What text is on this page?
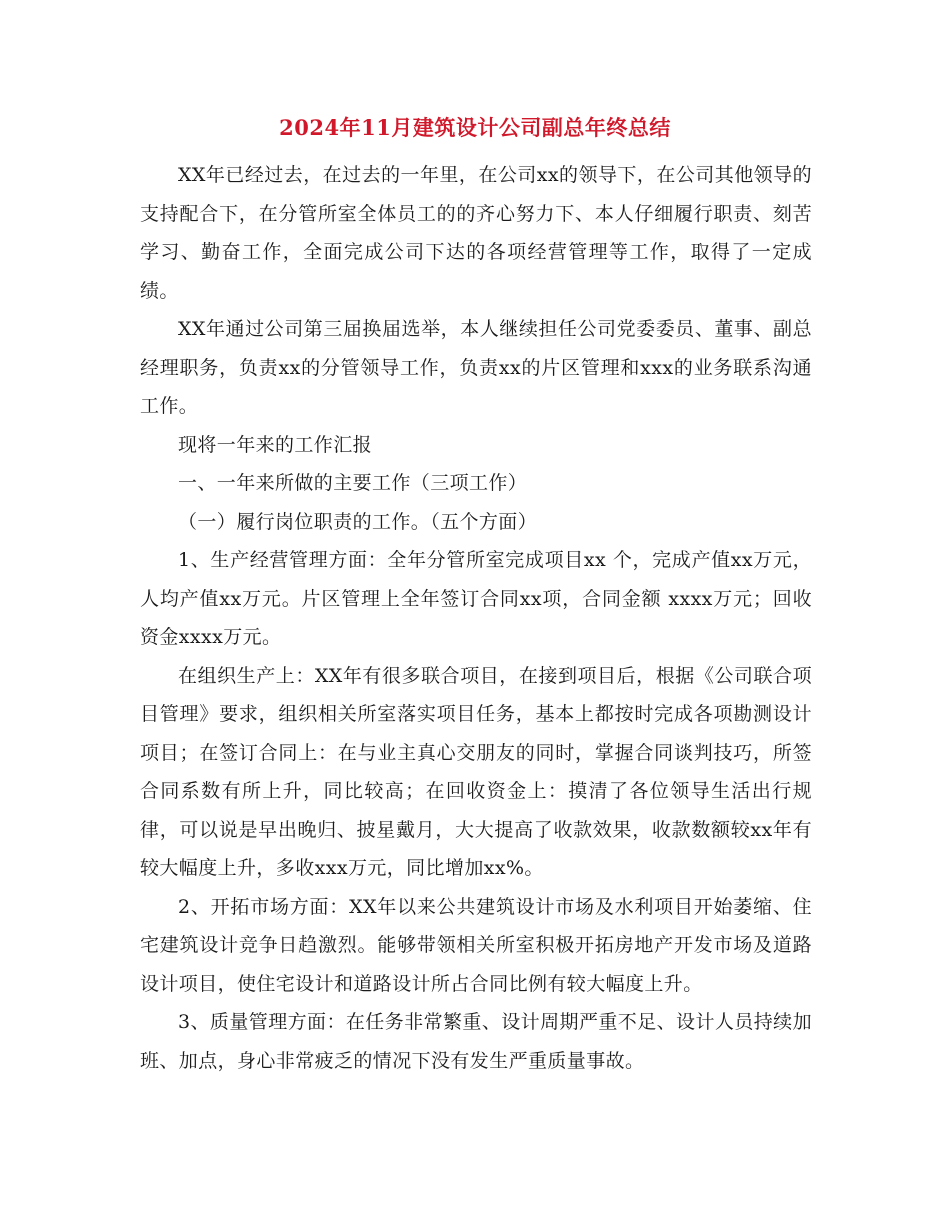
2024年11月建筑设计公司副总年终总结

XX年已经过去，在过去的一年里，在公司xx的领导下，在公司其他领导的支持配合下，在分管所室全体员工的的齐心努力下、本人仔细履行职责、刻苦学习、勤奋工作，全面完成公司下达的各项经营管理等工作，取得了一定成绩。

XX年通过公司第三届换届选举，本人继续担任公司党委委员、董事、副总经理职务，负责xx的分管领导工作，负责xx的片区管理和xxx的业务联系沟通工作。

现将一年来的工作汇报

一、一年来所做的主要工作（三项工作）

（一）履行岗位职责的工作。（五个方面）

1、生产经营管理方面：全年分管所室完成项目xx 个，完成产值xx万元，人均产值xx万元。片区管理上全年签订合同xx项，合同金额 xxxx万元；回收资金xxxx万元。

在组织生产上：XX年有很多联合项目，在接到项目后，根据《公司联合项目管理》要求，组织相关所室落实项目任务，基本上都按时完成各项勘测设计项目；在签订合同上：在与业主真心交朋友的同时，掌握合同谈判技巧，所签合同系数有所上升，同比较高；在回收资金上：摸清了各位领导生活出行规律，可以说是早出晚归、披星戴月，大大提高了收款效果，收款数额较xx年有较大幅度上升，多收xxx万元，同比增加xx%。

2、开拓市场方面：XX年以来公共建筑设计市场及水利项目开始萎缩、住宅建筑设计竞争日趋激烈。能够带领相关所室积极开拓房地产开发市场及道路设计项目，使住宅设计和道路设计所占合同比例有较大幅度上升。

3、质量管理方面：在任务非常繁重、设计周期严重不足、设计人员持续加班、加点，身心非常疲乏的情况下没有发生严重质量事故。
